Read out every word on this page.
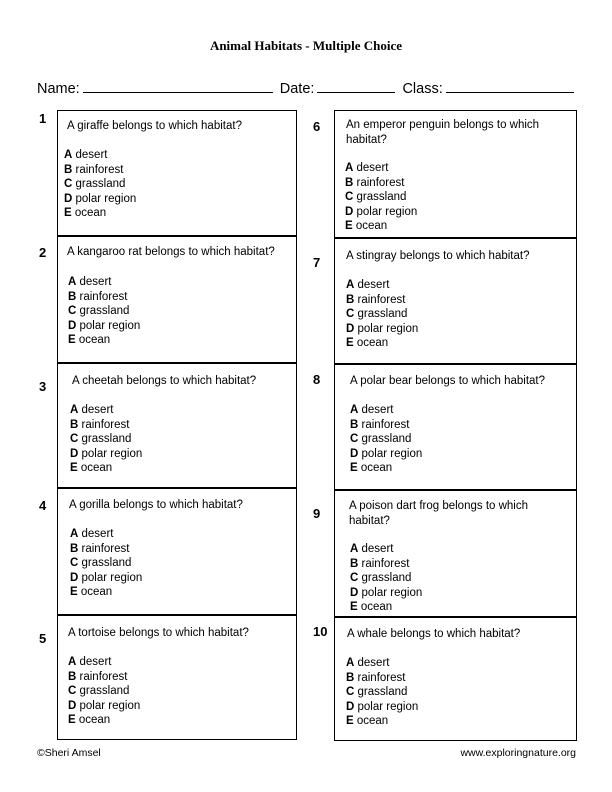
Animal Habitats - Multiple Choice
Name:	Date:	Class:
1 A giraffe belongs to which habitat?
A desert
B rainforest
C grassland
D polar region
E ocean
2 A kangaroo rat belongs to which habitat?
A desert
B rainforest
C grassland
D polar region
E ocean
3 A cheetah belongs to which habitat?
A desert
B rainforest
C grassland
D polar region
E ocean
4 A gorilla belongs to which habitat?
A desert
B rainforest
C grassland
D polar region
E ocean
5 A tortoise belongs to which habitat?
A desert
B rainforest
C grassland
D polar region
E ocean
6 An emperor penguin belongs to which habitat?
A desert
B rainforest
C grassland
D polar region
E ocean
7 A stingray belongs to which habitat?
A desert
B rainforest
C grassland
D polar region
E ocean
8	A polar bear belongs to which habitat?
A desert
B rainforest
C grassland
D polar region
E ocean
9	A poison dart frog belongs to which habitat?
A desert
B rainforest
C grassland
D polar region
E ocean
10 A whale belongs to which habitat?
A desert
B rainforest
C grassland
D polar region
E ocean
©Sheri Amsel	www.exploringnature.org
